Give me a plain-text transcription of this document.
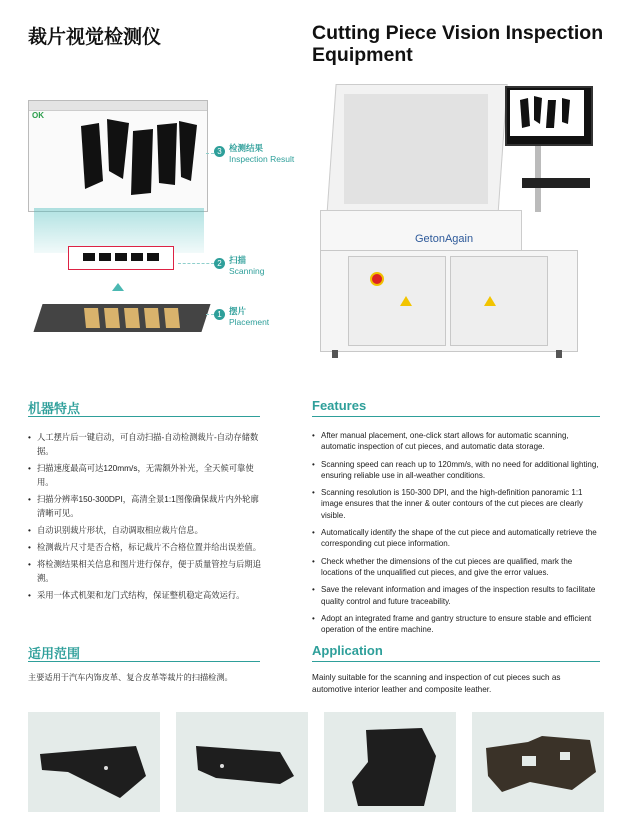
裁片视觉检测仪	Cutting Piece Vision Inspection Equipment
OK
3 检测结果
Inspection Result
2 扫描
Scanning
1 摆片
Placement
GetonAgain
机器特点	Features
• 人工摆片后一键启动，可自动扫描-自动检测裁片-自动存储数据。
• 扫描速度最高可达120mm/s，无需额外补光，全天候可靠使用。
• 扫描分辨率150-300DPI，高清全景1:1图像确保裁片内外轮廓清晰可见。
• 自动识别裁片形状，自动调取相应裁片信息。
• 检测裁片尺寸是否合格，标记裁片不合格位置并给出误差值。
• 将检测结果相关信息和图片进行保存，便于质量管控与后期追溯。
• 采用一体式机架和龙门式结构，保证整机稳定高效运行。
• After manual placement, one-click start allows for automatic scanning, automatic inspection of cut pieces, and automatic data storage.
• Scanning speed can reach up to 120mm/s, with no need for additional lighting, ensuring reliable use in all-weather conditions.
• Scanning resolution is 150-300 DPI, and the high-definition panoramic 1:1 image ensures that the inner & outer contours of the cut pieces are clearly visible.
• Automatically identify the shape of the cut piece and automatically retrieve the corresponding cut piece information.
• Check whether the dimensions of the cut pieces are qualified, mark the locations of the unqualified cut pieces, and give the error values.
• Save the relevant information and images of the inspection results to facilitate quality control and future traceability.
• Adopt an integrated frame and gantry structure to ensure stable and efficient operation of the entire machine.
适用范围	Application
主要适用于汽车内饰皮革、复合皮革等裁片的扫描检测。	Mainly suitable for the scanning and inspection of cut pieces such as automotive interior leather and composite leather.
